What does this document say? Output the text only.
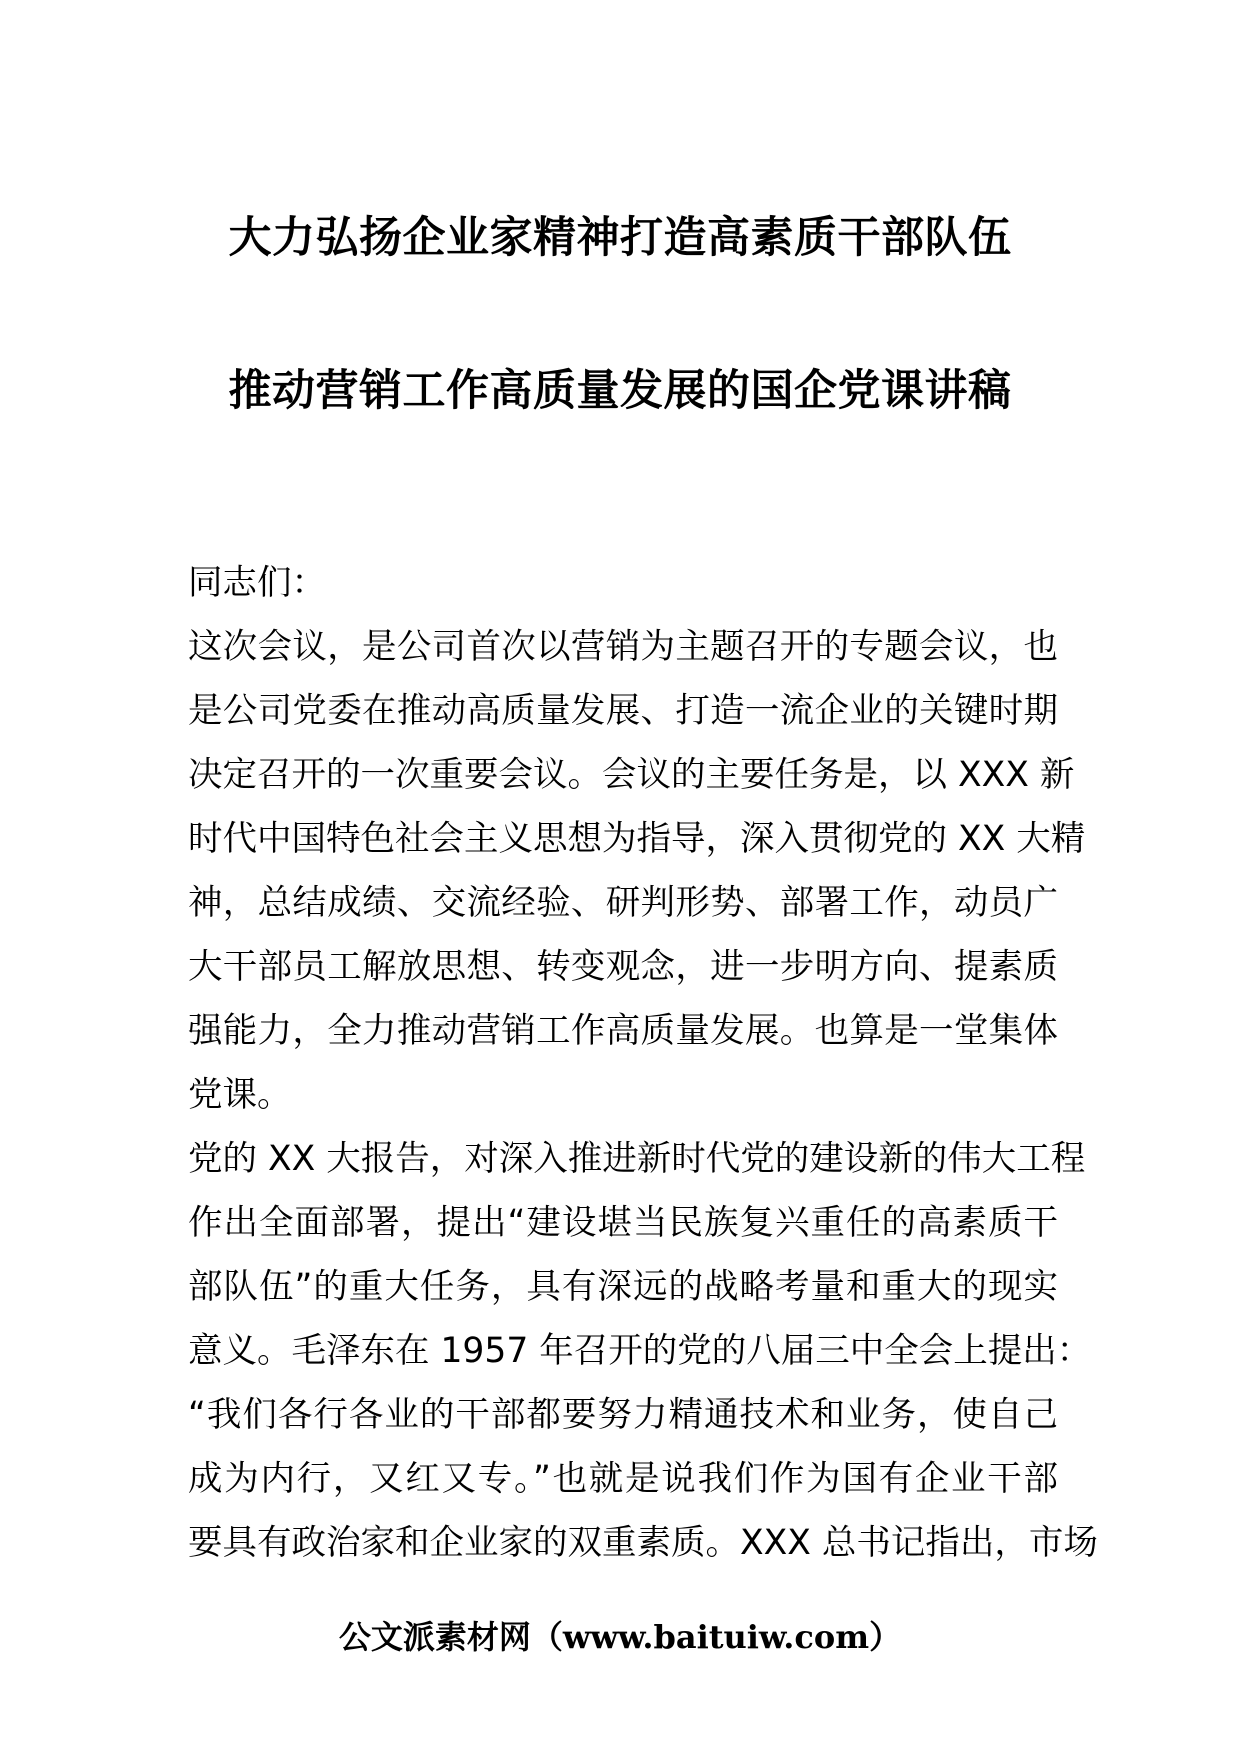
大力弘扬企业家精神打造高素质干部队伍
推动营销工作高质量发展的国企党课讲稿
同志们：
这次会议，是公司首次以营销为主题召开的专题会议，也
是公司党委在推动高质量发展、打造一流企业的关键时期
决定召开的一次重要会议。会议的主要任务是，以 XXX 新
时代中国特色社会主义思想为指导，深入贯彻党的 XX 大精
神，总结成绩、交流经验、研判形势、部署工作，动员广
大干部员工解放思想、转变观念，进一步明方向、提素质
强能力，全力推动营销工作高质量发展。也算是一堂集体
党课。
党的 XX 大报告，对深入推进新时代党的建设新的伟大工程
作出全面部署，提出“建设堪当民族复兴重任的高素质干
部队伍”的重大任务，具有深远的战略考量和重大的现实
意义。毛泽东在 1957 年召开的党的八届三中全会上提出：
“我们各行各业的干部都要努力精通技术和业务，使自己
成为内行，又红又专。”也就是说我们作为国有企业干部
要具有政治家和企业家的双重素质。XXX 总书记指出，市场
公文派素材网（www.baituiw.com）
